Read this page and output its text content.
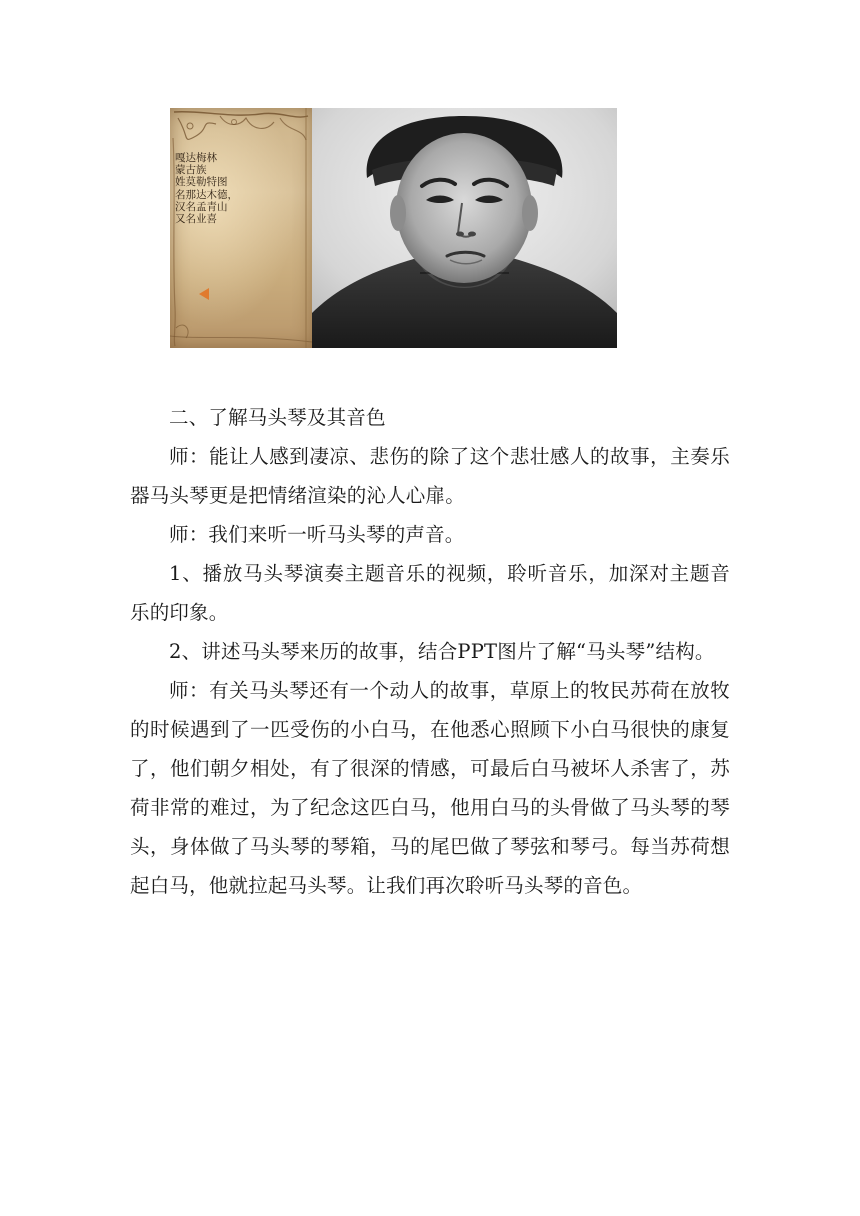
嘎达梅林
蒙古族
姓莫勒特图
名那达木德，
汉名孟青山
又名业喜

二、了解马头琴及其音色

师：能让人感到凄凉、悲伤的除了这个悲壮感人的故事，主奏乐器马头琴更是把情绪渲染的沁人心扉。

师：我们来听一听马头琴的声音。

1、播放马头琴演奏主题音乐的视频，聆听音乐，加深对主题音乐的印象。

2、讲述马头琴来历的故事，结合PPT图片了解“马头琴”结构。

师：有关马头琴还有一个动人的故事，草原上的牧民苏荷在放牧的时候遇到了一匹受伤的小白马，在他悉心照顾下小白马很快的康复了，他们朝夕相处，有了很深的情感，可最后白马被坏人杀害了，苏荷非常的难过，为了纪念这匹白马，他用白马的头骨做了马头琴的琴头，身体做了马头琴的琴箱，马的尾巴做了琴弦和琴弓。每当苏荷想起白马，他就拉起马头琴。让我们再次聆听马头琴的音色。
